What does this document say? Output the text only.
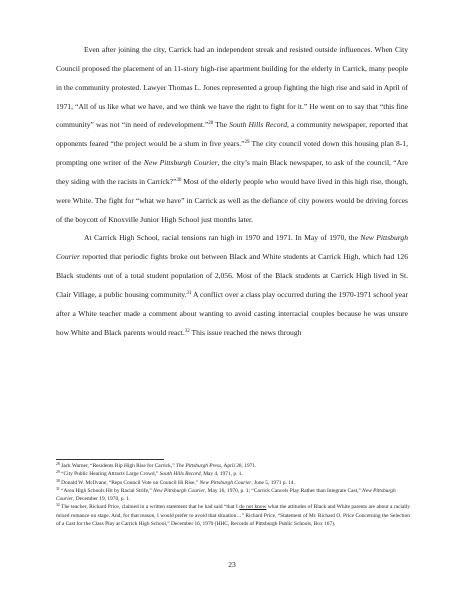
Even after joining the city, Carrick had an independent streak and resisted outside influences. When City Council proposed the placement of an 11-story high-rise apartment building for the elderly in Carrick, many people in the community protested. Lawyer Thomas L. Jones represented a group fighting the high rise and said in April of 1971, “All of us like what we have, and we think we have the right to fight for it.” He went on to say that “this fine community” was not “in need of redevelopment.”$^{28}$ The South Hills Record, a community newspaper, reported that opponents feared “the project would be a slum in five years.”$^{29}$ The city council voted down this housing plan 8-1, prompting one writer of the New Pittsburgh Courier, the city’s main Black newspaper, to ask of the council, “Are they siding with the racists in Carrick?”$^{30}$ Most of the elderly people who would have lived in this high rise, though, were White. The fight for “what we have” in Carrick as well as the defiance of city powers would be driving forces of the boycott of Knoxville Junior High School just months later.

At Carrick High School, racial tensions ran high in 1970 and 1971. In May of 1970, the New Pittsburgh Courier reported that periodic fights broke out between Black and White students at Carrick High, which had 126 Black students out of a total student population of 2,056. Most of the Black students at Carrick High lived in St. Clair Village, a public housing community.$^{31}$ A conflict over a class play occurred during the 1970-1971 school year after a White teacher made a comment about wanting to avoid casting interracial couples because he was unsure how White and Black parents would react.$^{32}$ This issue reached the news through

$^{28}$ Jack Warner, “Residents Rip High Rise for Carrick,” The Pittsburgh Press, April 28, 1971.

$^{29}$ “City Public Hearing Attracts Large Crowd,” South Hills Record, May 4, 1971, p. 1.

$^{30}$ Donald W. McIlvane, “Reps Council Vote on Council Hi Rise,” New Pittsburgh Courier, June 5, 1971 p. 14.

$^{31}$ “Area High Schools Hit by Racial Strife,” New Pittsburgh Courier, May 16, 1970, p. 1; “Carrick Cancels Play Rather than Integrate Cast,” New Pittsburgh Courier, December 19, 1970, p. 1.

$^{32}$ The teacher, Richard Price, claimed in a written statement that he had said “that I do not know what the attitudes of Black and White parents are about a racially mixed romance on stage. And, for that reason, I would prefer to avoid that situation…” Richard Price, “Statement of Mr. Richard O. Price Concerning the Selection of a Cast for the Class Play at Carrick High School,” December 16, 1970 (HHC, Records of Pittsburgh Public Schools, Box 167).

23
